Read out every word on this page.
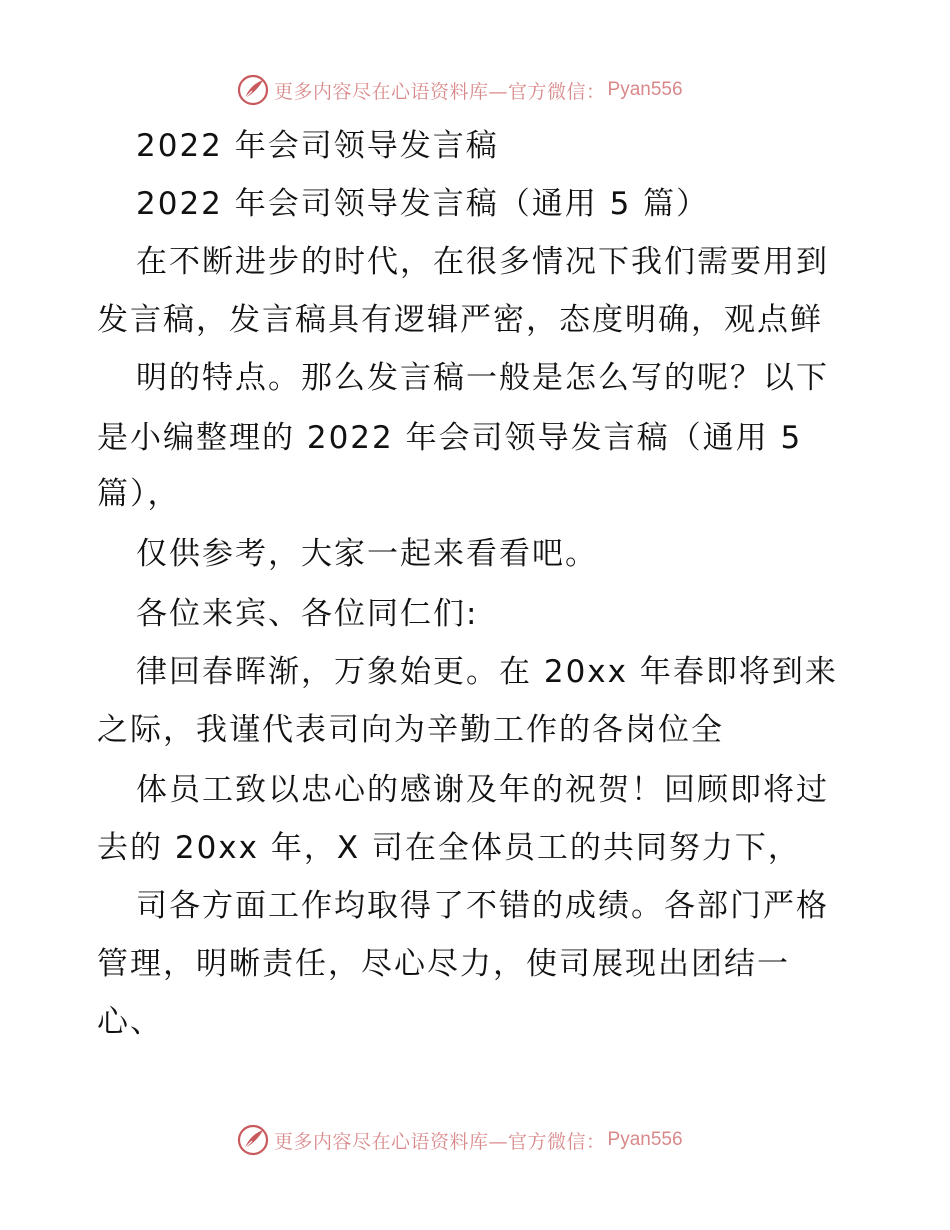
更多内容尽在心语资料库—官方微信： Pyan556
2022 年会司领导发言稿
2022 年会司领导发言稿（通用 5 篇）
在不断进步的时代，在很多情况下我们需要用到
发言稿，发言稿具有逻辑严密，态度明确，观点鲜
明的特点。那么发言稿一般是怎么写的呢？以下
是小编整理的 2022 年会司领导发言稿（通用 5
篇），
仅供参考，大家一起来看看吧。
各位来宾、各位同仁们:
律回春晖渐，万象始更。在 20xx 年春即将到来
之际，我谨代表司向为辛勤工作的各岗位全
体员工致以忠心的感谢及年的祝贺！回顾即将过
去的 20xx 年，X 司在全体员工的共同努力下，
司各方面工作均取得了不错的成绩。各部门严格
管理，明晰责任，尽心尽力，使司展现出团结一
心、
更多内容尽在心语资料库—官方微信： Pyan556
